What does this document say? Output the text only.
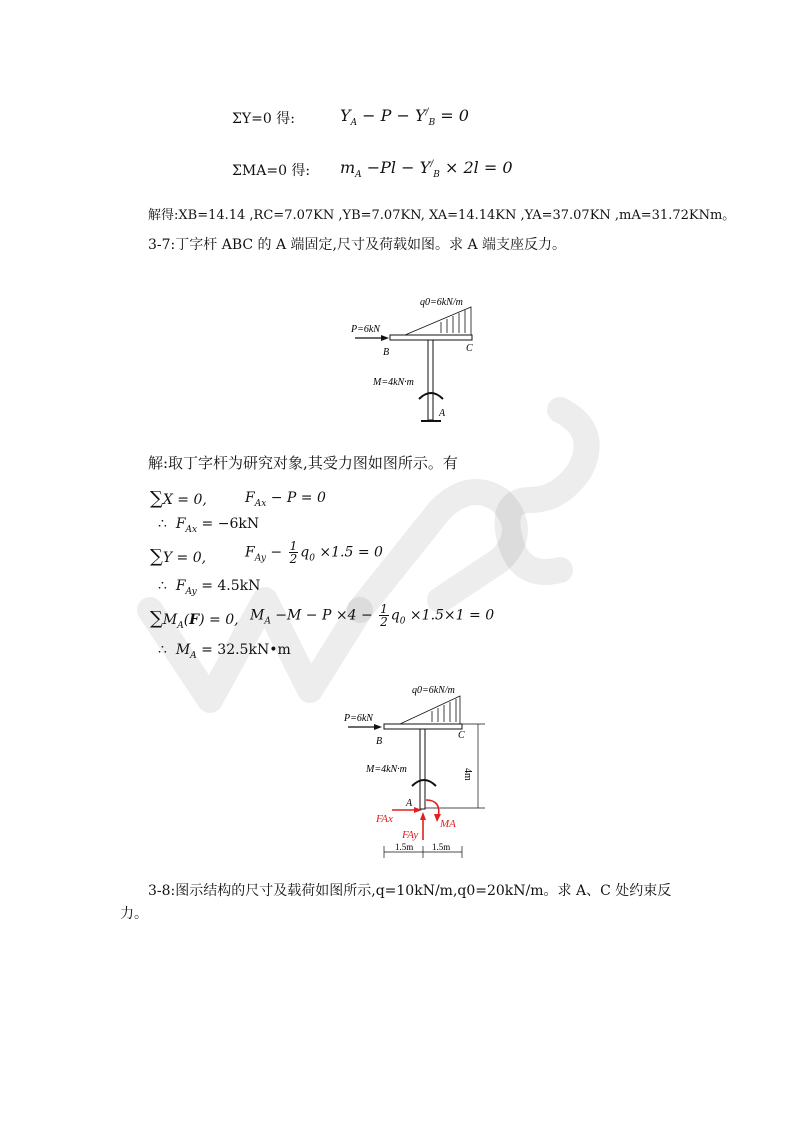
ΣY=0 得:	$Y_A - P - Y^/_B = 0$
ΣMA=0 得: $m_A -Pl - Y^/_B \times 2l = 0$
解得:XB=14.14 ,RC=7.07KN ,YB=7.07KN, XA=14.14KN ,YA=37.07KN ,mA=31.72KNm。
3-7:丁字杆 ABC 的 A 端固定,尺寸及荷载如图。求 A 端支座反力。
q0=6kN/m
P=6kN
B	C
M=4kN·m
A
解:取丁字杆为研究对象,其受力图如图所示。有
∑X = 0,	$F_{Ax} - P = 0$
∴  $F_{Ax} = -6kN$
∑Y = 0,	$F_{Ay} - \frac{1}{2} q_0 \times 1.5 = 0$
∴  $F_{Ay} = 4.5kN$
$\sum M_A(F) = 0$, $M_A -M - P \times 4 - \frac{1}{2} q_0 \times 1.5\times 1 = 0$
∴  $M_A$ = 32.5kN•m
q0=6kN/m
P=6kN
B
C
M=4kN·m
A
4m
FAx
FAy
MA
1.5m 1.5m
3-8:图示结构的尺寸及载荷如图所示,q=10kN/m,q0=20kN/m。求 A、C 处约束反
力。
